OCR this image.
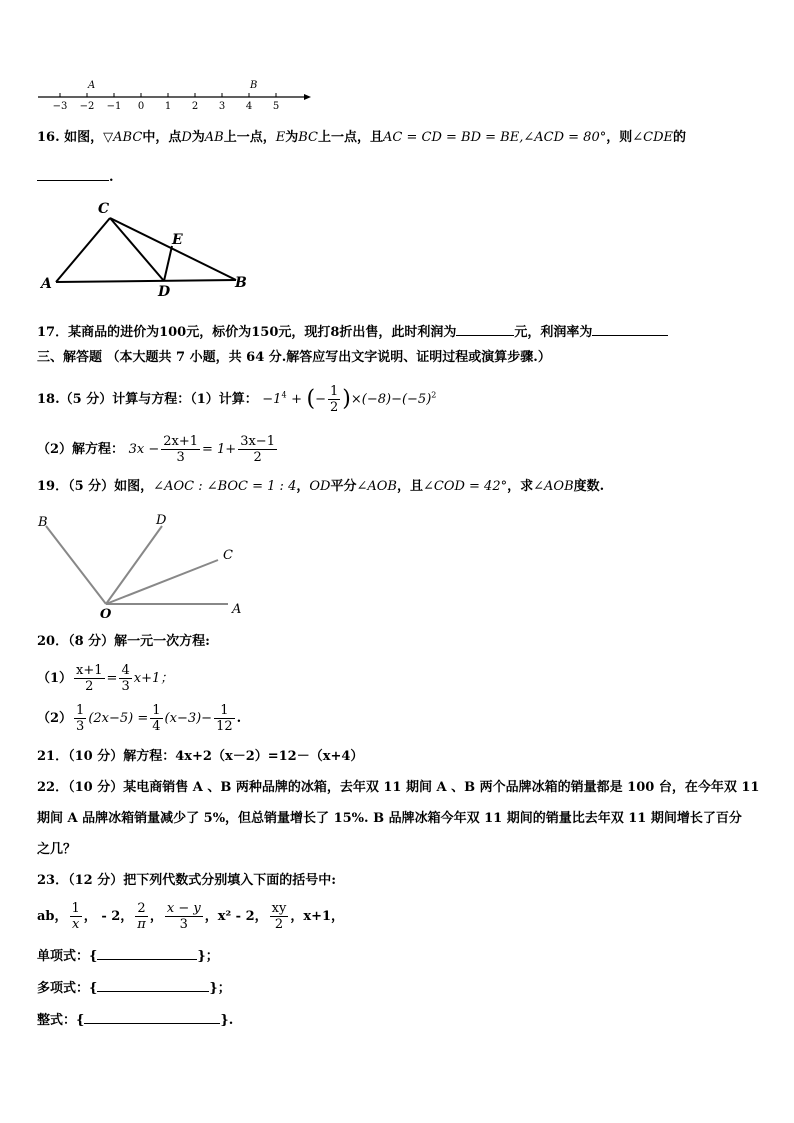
−3 −2 −1 0 1 2 3 4 5
A	B
16. 如图，▽ABC中，点D为AB上一点，E为BC上一点，且AC = CD = BD = BE,∠ACD = 80°，则∠CDE的
.
A	B
C
D
E
17．某商品的进价为100元，标价为150元，现打8折出售，此时利润为	元，利润率为
三、解答题 （本大题共 7 小题，共 64 分.解答应写出文字说明、证明过程或演算步骤.）
18.（5 分）计算与方程：（1）计算： $-1^4$ + (− $\frac{1}{2} )\times(-8)-(-5)^2$
（2）解方程： $3x - \frac{2x+1}{3} = 1+ \frac{3x-1}{2}$
19．（5 分）如图，∠AOC : ∠BOC = 1 : 4，OD平分∠AOB，且∠COD = 42°，求∠AOB度数.
B	D
C
O	A
20．（8 分）解一元一次方程:
$(1) \frac{x+1}{2} = \frac{4}{3} x+1$；
$(2) \frac{1}{3} (2x-5) = \frac{1}{4} (x-3)- \frac{1}{12}$ .
21．（10 分）解方程：4x+2（x－2）=12－（x+4）
22．（10 分）某电商销售 A 、B 两种品牌的冰箱，去年双 11 期间 A 、B 两个品牌冰箱的销量都是 100 台，在今年双 11
期间 A 品牌冰箱销量减少了 5%，但总销量增长了 15%. B 品牌冰箱今年双 11 期间的销量比去年双 11 期间增长了百分
之几？
23．（12 分）把下列代数式分别填入下面的括号中:
ab， $\frac{1}{x}$ ， - 2， $\frac{2}{\pi}$ ， $\frac{x - y}{3}$ ，x² - 2， $\frac{xy}{2}$ ，x+1，
单项式：{	}；
多项式：{	}；
整式：{	}.
